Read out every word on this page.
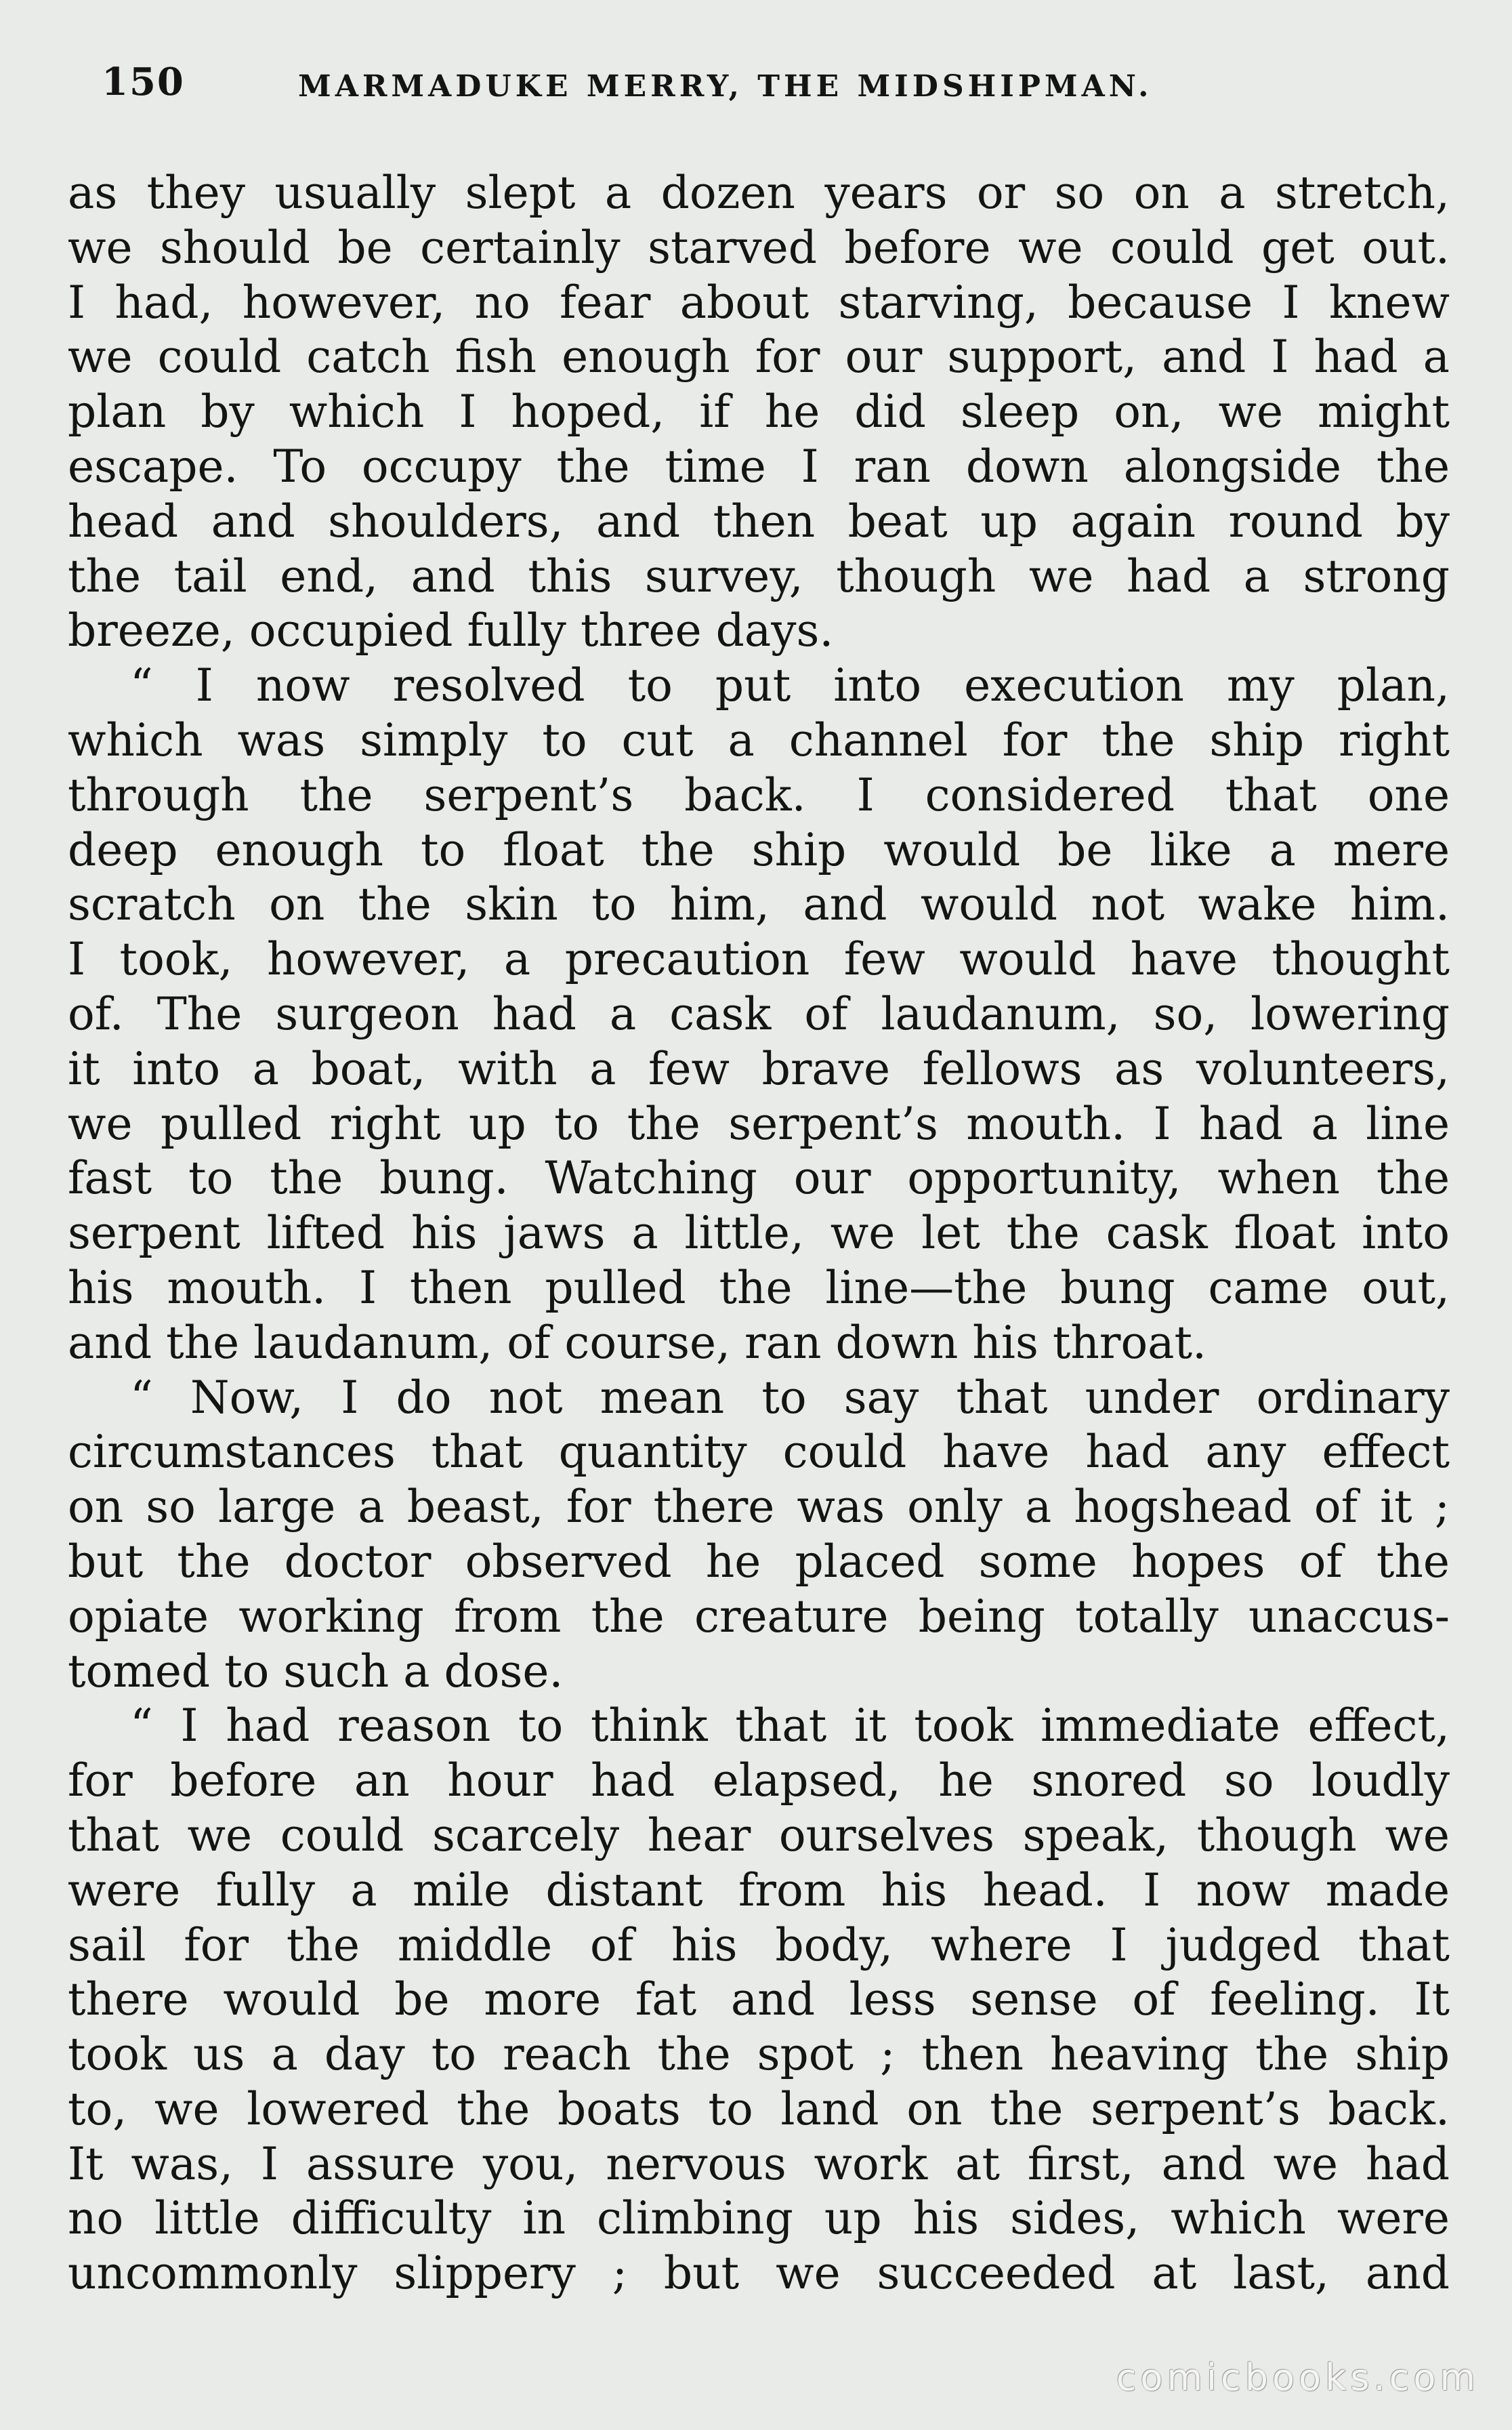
150	MARMADUKE MERRY, THE MIDSHIPMAN.
as they usually slept a dozen years or so on a stretch,
we should be certainly starved before we could get out.
I had, however, no fear about starving, because I knew
we could catch fish enough for our support, and I had a
plan by which I hoped, if he did sleep on, we might
escape. To occupy the time I ran down alongside the
head and shoulders, and then beat up again round by
the tail end, and this survey, though we had a strong
breeze, occupied fully three days.
“ I now resolved to put into execution my plan,
which was simply to cut a channel for the ship right
through the serpent’s back. I considered that one
deep enough to float the ship would be like a mere
scratch on the skin to him, and would not wake him.
I took, however, a precaution few would have thought
of. The surgeon had a cask of laudanum, so, lowering
it into a boat, with a few brave fellows as volunteers,
we pulled right up to the serpent’s mouth. I had a line
fast to the bung. Watching our opportunity, when the
serpent lifted his jaws a little, we let the cask float into
his mouth. I then pulled the line—the bung came out,
and the laudanum, of course, ran down his throat.
“ Now, I do not mean to say that under ordinary
circumstances that quantity could have had any effect
on so large a beast, for there was only a hogshead of it ;
but the doctor observed he placed some hopes of the
opiate working from the creature being totally unaccus-
tomed to such a dose.
“ I had reason to think that it took immediate effect,
for before an hour had elapsed, he snored so loudly
that we could scarcely hear ourselves speak, though we
were fully a mile distant from his head. I now made
sail for the middle of his body, where I judged that
there would be more fat and less sense of feeling. It
took us a day to reach the spot ; then heaving the ship
to, we lowered the boats to land on the serpent’s back.
It was, I assure you, nervous work at first, and we had
no little difficulty in climbing up his sides, which were
uncommonly slippery ; but we succeeded at last, and
comicbooks.com
